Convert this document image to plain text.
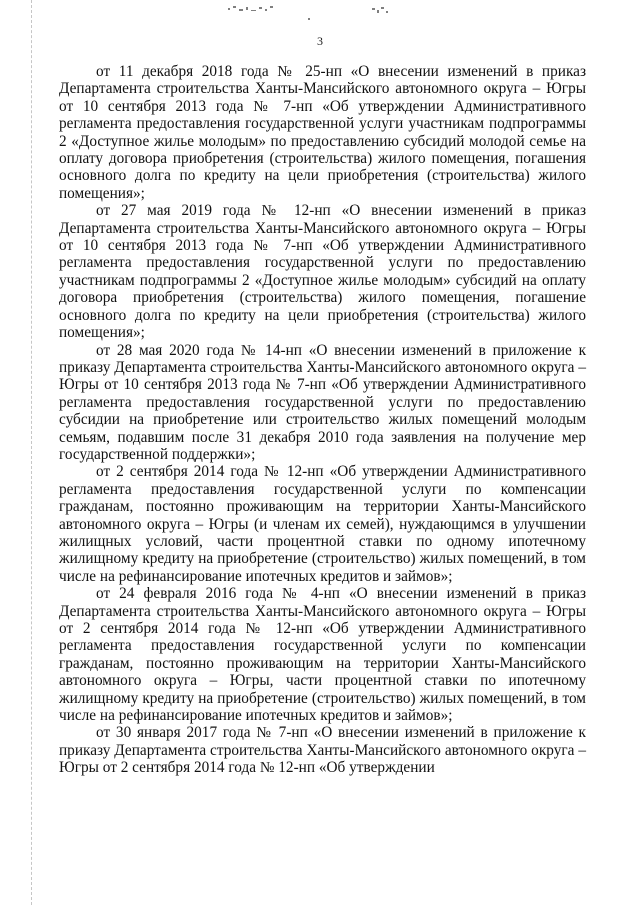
3

от 11 декабря 2018 года № 25-нп «О внесении изменений в приказ Департамента строительства Ханты-Мансийского автономного округа – Югры от 10 сентября 2013 года № 7-нп «Об утверждении Административного регламента предоставления государственной услуги участникам подпрограммы 2 «Доступное жилье молодым» по предоставлению субсидий молодой семье на оплату договора приобретения (строительства) жилого помещения, погашения основного долга по кредиту на цели приобретения (строительства) жилого помещения»;

от 27 мая 2019 года № 12-нп «О внесении изменений в приказ Департамента строительства Ханты-Мансийского автономного округа – Югры от 10 сентября 2013 года № 7-нп «Об утверждении Административного регламента предоставления государственной услуги по предоставлению участникам подпрограммы 2 «Доступное жилье молодым» субсидий на оплату договора приобретения (строительства) жилого помещения, погашение основного долга по кредиту на цели приобретения (строительства) жилого помещения»;

от 28 мая 2020 года № 14-нп «О внесении изменений в приложение к приказу Департамента строительства Ханты-Мансийского автономного округа – Югры от 10 сентября 2013 года № 7-нп «Об утверждении Административного регламента предоставления государственной услуги по предоставлению субсидии на приобретение или строительство жилых помещений молодым семьям, подавшим после 31 декабря 2010 года заявления на получение мер государственной поддержки»;

от 2 сентября 2014 года № 12-нп «Об утверждении Административного регламента предоставления государственной услуги по компенсации гражданам, постоянно проживающим на территории Ханты-Мансийского автономного округа – Югры (и членам их семей), нуждающимся в улучшении жилищных условий, части процентной ставки по одному ипотечному жилищному кредиту на приобретение (строительство) жилых помещений, в том числе на рефинансирование ипотечных кредитов и займов»;

от 24 февраля 2016 года № 4-нп «О внесении изменений в приказ Департамента строительства Ханты-Мансийского автономного округа – Югры от 2 сентября 2014 года № 12-нп «Об утверждении Административного регламента предоставления государственной услуги по компенсации гражданам, постоянно проживающим на территории Ханты-Мансийского автономного округа – Югры, части процентной ставки по ипотечному жилищному кредиту на приобретение (строительство) жилых помещений, в том числе на рефинансирование ипотечных кредитов и займов»;

от 30 января 2017 года № 7-нп «О внесении изменений в приложение к приказу Департамента строительства Ханты-Мансийского автономного округа – Югры от 2 сентября 2014 года № 12-нп «Об утверждении
